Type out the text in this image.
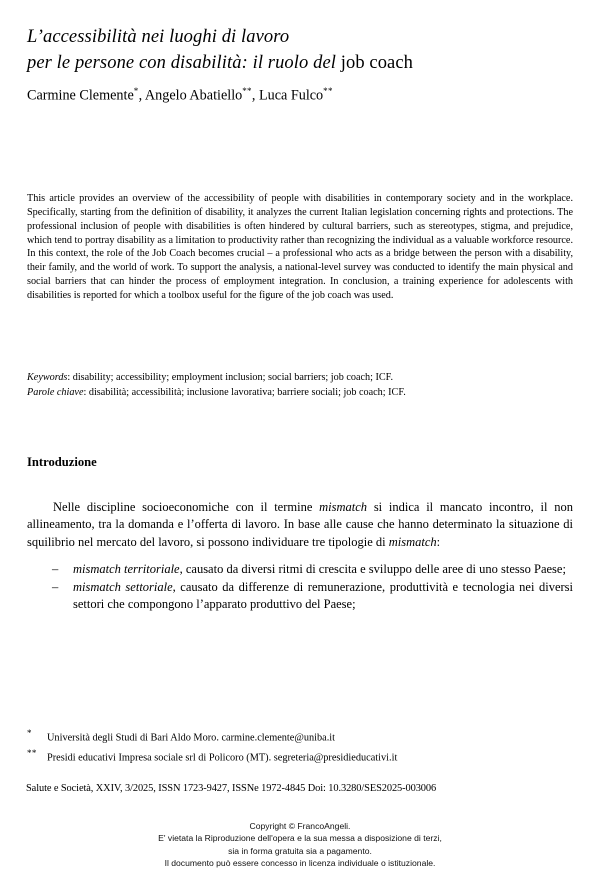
L’accessibilità nei luoghi di lavoro
per le persone con disabilità: il ruolo del job coach
Carmine Clemente*, Angelo Abatiello**, Luca Fulco**
This article provides an overview of the accessibility of people with disabilities in contemporary society and in the workplace. Specifically, starting from the definition of disability, it analyzes the current Italian legislation concerning rights and protections. The professional inclusion of people with disabilities is often hindered by cultural barriers, such as stereotypes, stigma, and prejudice, which tend to portray disability as a limitation to productivity rather than recognizing the individual as a valuable workforce resource. In this context, the role of the Job Coach becomes crucial – a professional who acts as a bridge between the person with a disability, their family, and the world of work. To support the analysis, a national-level survey was conducted to identify the main physical and social barriers that can hinder the process of employment integration. In conclusion, a training experience for adolescents with disabilities is reported for which a toolbox useful for the figure of the job coach was used.
Keywords: disability; accessibility; employment inclusion; social barriers; job coach; ICF.
Parole chiave: disabilità; accessibilità; inclusione lavorativa; barriere sociali; job coach; ICF.
Introduzione

Nelle discipline socioeconomiche con il termine mismatch si indica il mancato incontro, il non allineamento, tra la domanda e l’offerta di lavoro. In base alle cause che hanno determinato la situazione di squilibrio nel mercato del lavoro, si possono individuare tre tipologie di mismatch:

–	mismatch territoriale, causato da diversi ritmi di crescita e sviluppo delle aree di uno stesso Paese;
–	mismatch settoriale, causato da differenze di remunerazione, produttività e tecnologia nei diversi settori che compongono l’apparato produttivo del Paese;
* Università degli Studi di Bari Aldo Moro. carmine.clemente@uniba.it
** Presidi educativi Impresa sociale srl di Policoro (MT). segreteria@presidieducativi.it
Salute e Società, XXIV, 3/2025, ISSN 1723-9427, ISSNe 1972-4845 Doi: 10.3280/SES2025-003006
Copyright © FrancoAngeli.
E' vietata la Riproduzione dell'opera e la sua messa a disposizione di terzi,
sia in forma gratuita sia a pagamento.
Il documento può essere concesso in licenza individuale o istituzionale.
